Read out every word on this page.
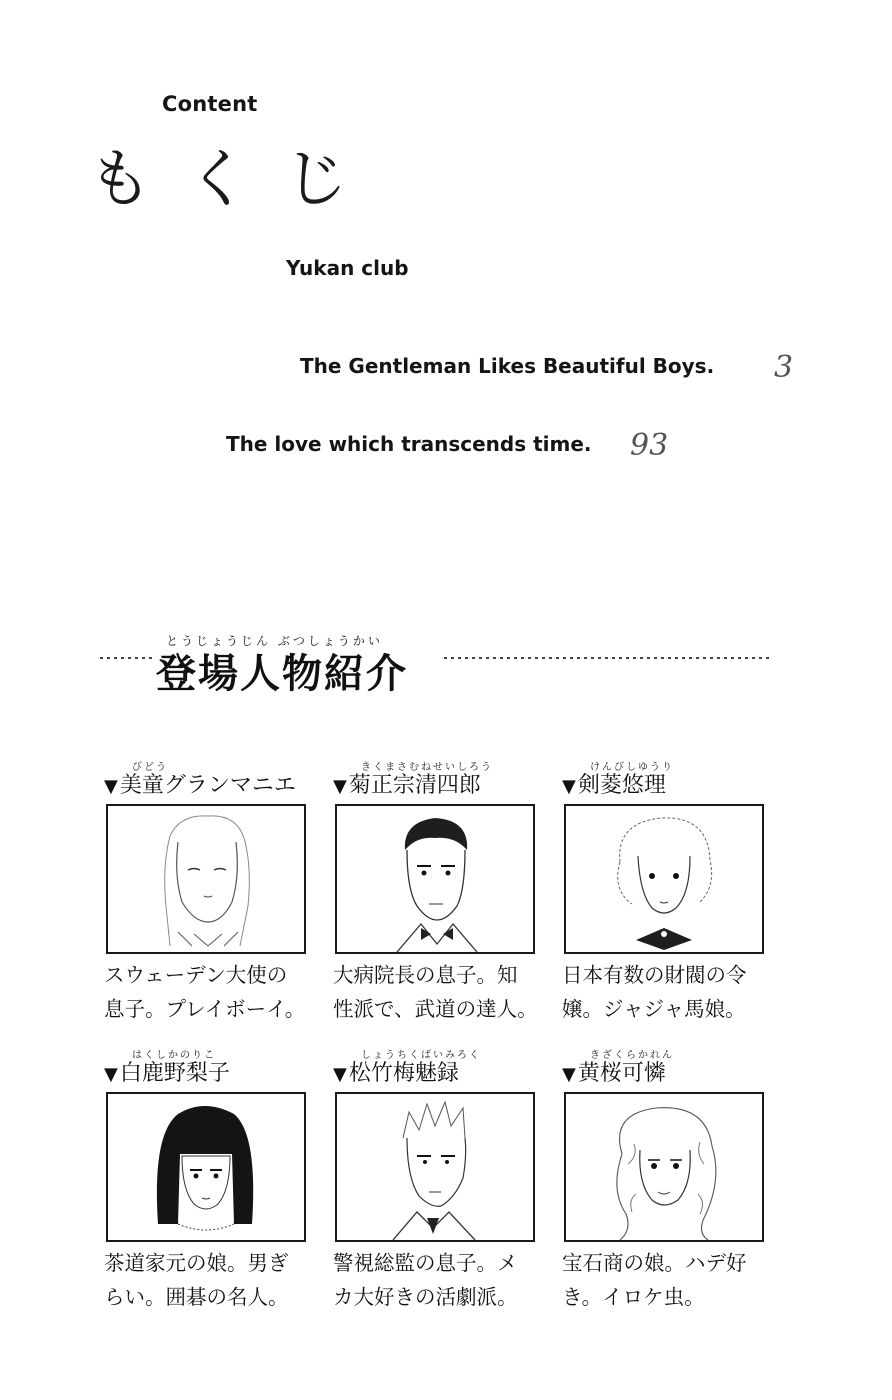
Content
もくじ
Yukan club
The Gentleman Likes Beautiful Boys. 3
The love which transcends time. 93
とうじょうじん ぶつしょうかい
登場人物紹介
びどう
▼美童グランマニエ
スウェーデン大使の
息子。プレイボーイ。
きくまさむねせいしろう
▼菊正宗清四郎
大病院長の息子。知
性派で、武道の達人。
けんびしゆうり
▼剣菱悠理
日本有数の財閥の令
嬢。ジャジャ馬娘。
はくしかのりこ
▼白鹿野梨子
茶道家元の娘。男ぎ
らい。囲碁の名人。
しょうちくばいみろく
▼松竹梅魅録
警視総監の息子。メ
カ大好きの活劇派。
きざくらかれん
▼黄桜可憐
宝石商の娘。ハデ好
き。イロケ虫。
